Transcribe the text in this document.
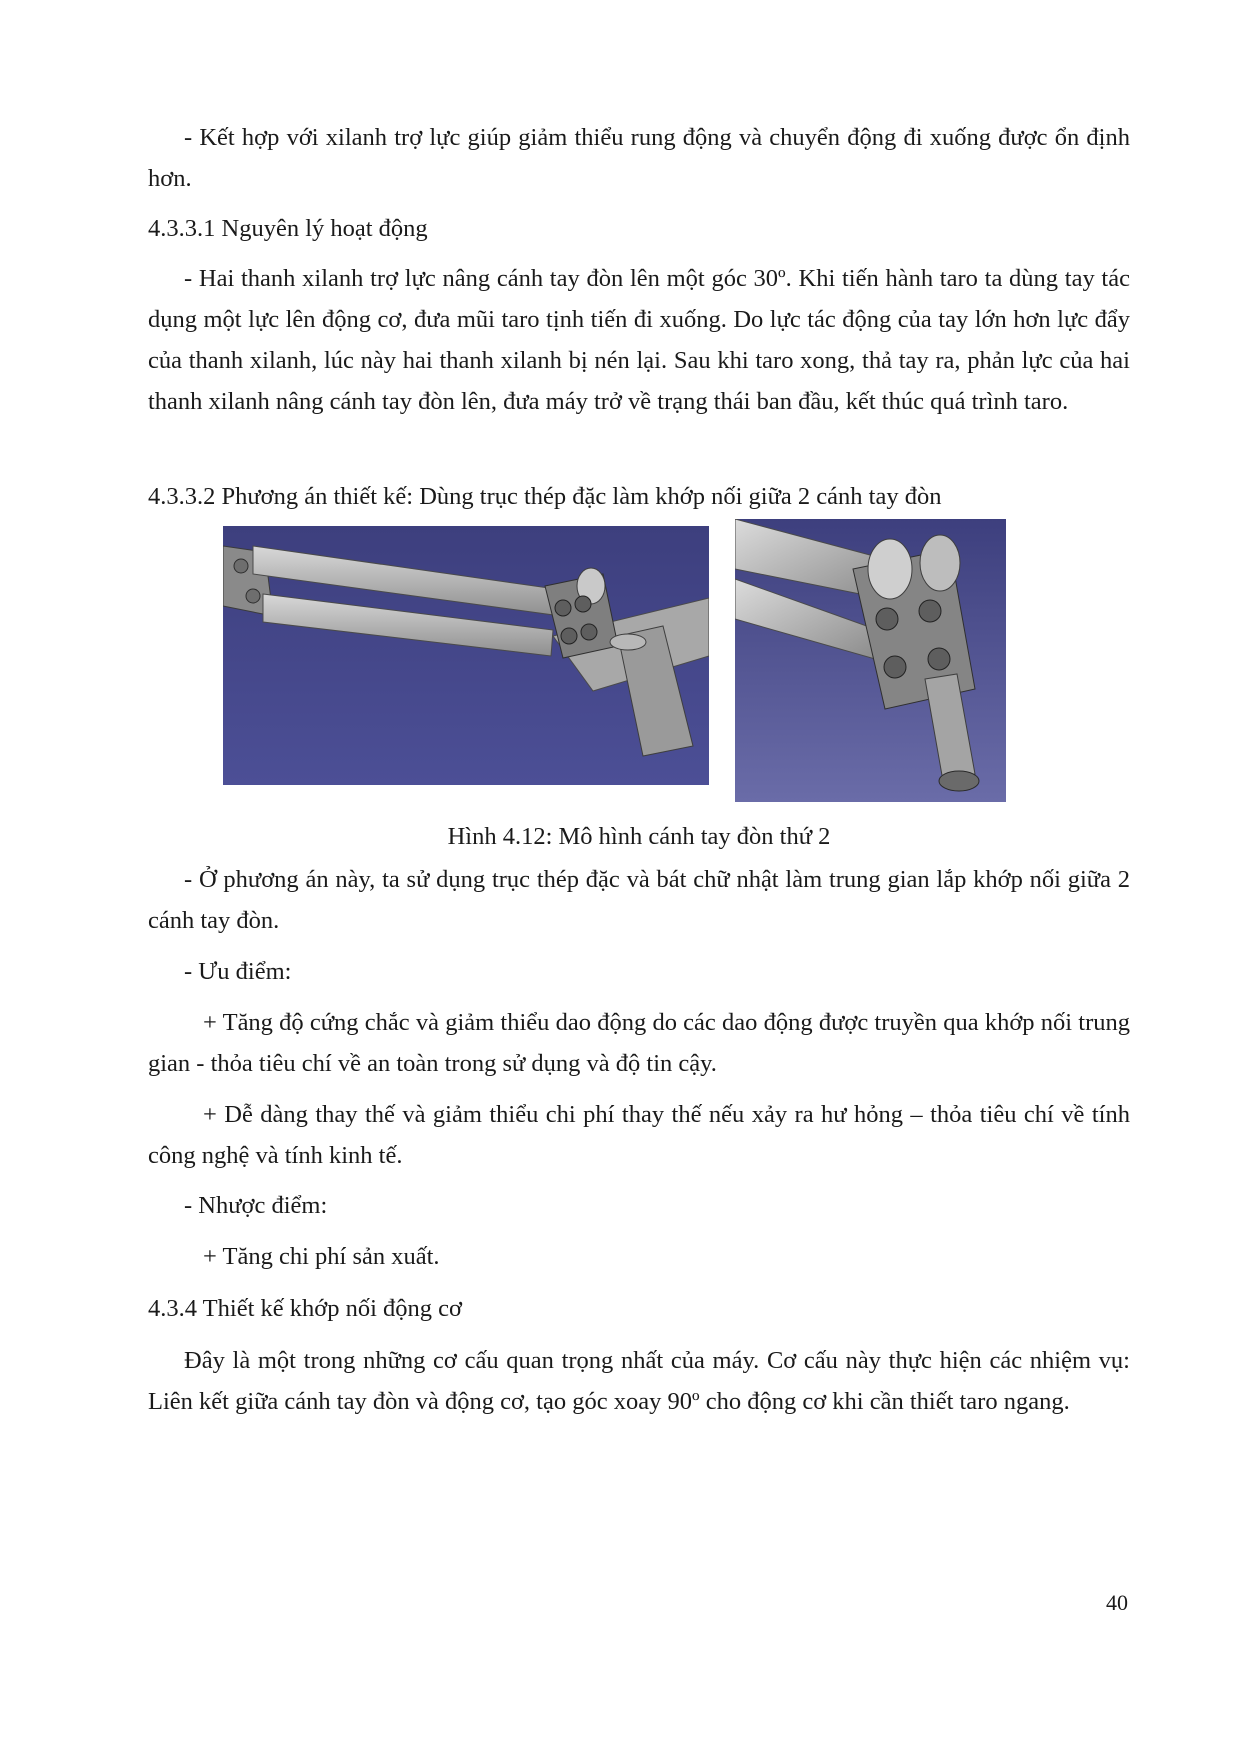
- Kết hợp với xilanh trợ lực giúp giảm thiểu rung động và chuyển động đi xuống được ổn định hơn.

4.3.3.1 Nguyên lý hoạt động

- Hai thanh xilanh trợ lực nâng cánh tay đòn lên một góc 30º. Khi tiến hành taro ta dùng tay tác dụng một lực lên động cơ, đưa mũi taro tịnh tiến đi xuống. Do lực tác động của tay lớn hơn lực đẩy của thanh xilanh, lúc này hai thanh xilanh bị nén lại. Sau khi taro xong, thả tay ra, phản lực của hai thanh xilanh nâng cánh tay đòn lên, đưa máy trở về trạng thái ban đầu, kết thúc quá trình taro.

4.3.3.2 Phương án thiết kế: Dùng trục thép đặc làm khớp nối giữa 2 cánh tay đòn

Hình 4.12: Mô hình cánh tay đòn thứ 2

- Ở phương án này, ta sử dụng trục thép đặc và bát chữ nhật làm trung gian lắp khớp nối giữa 2 cánh tay đòn.

- Ưu điểm:

+ Tăng độ cứng chắc và giảm thiểu dao động do các dao động được truyền qua khớp nối trung gian - thỏa tiêu chí về an toàn trong sử dụng và độ tin cậy.

+ Dễ dàng thay thế và giảm thiểu chi phí thay thế nếu xảy ra hư hỏng – thỏa tiêu chí về tính công nghệ và tính kinh tế.

- Nhược điểm:

+ Tăng chi phí sản xuất.

4.3.4 Thiết kế khớp nối động cơ

Đây là một trong những cơ cấu quan trọng nhất của máy. Cơ cấu này thực hiện các nhiệm vụ: Liên kết giữa cánh tay đòn và động cơ, tạo góc xoay 90º cho động cơ khi cần thiết taro ngang.

40
